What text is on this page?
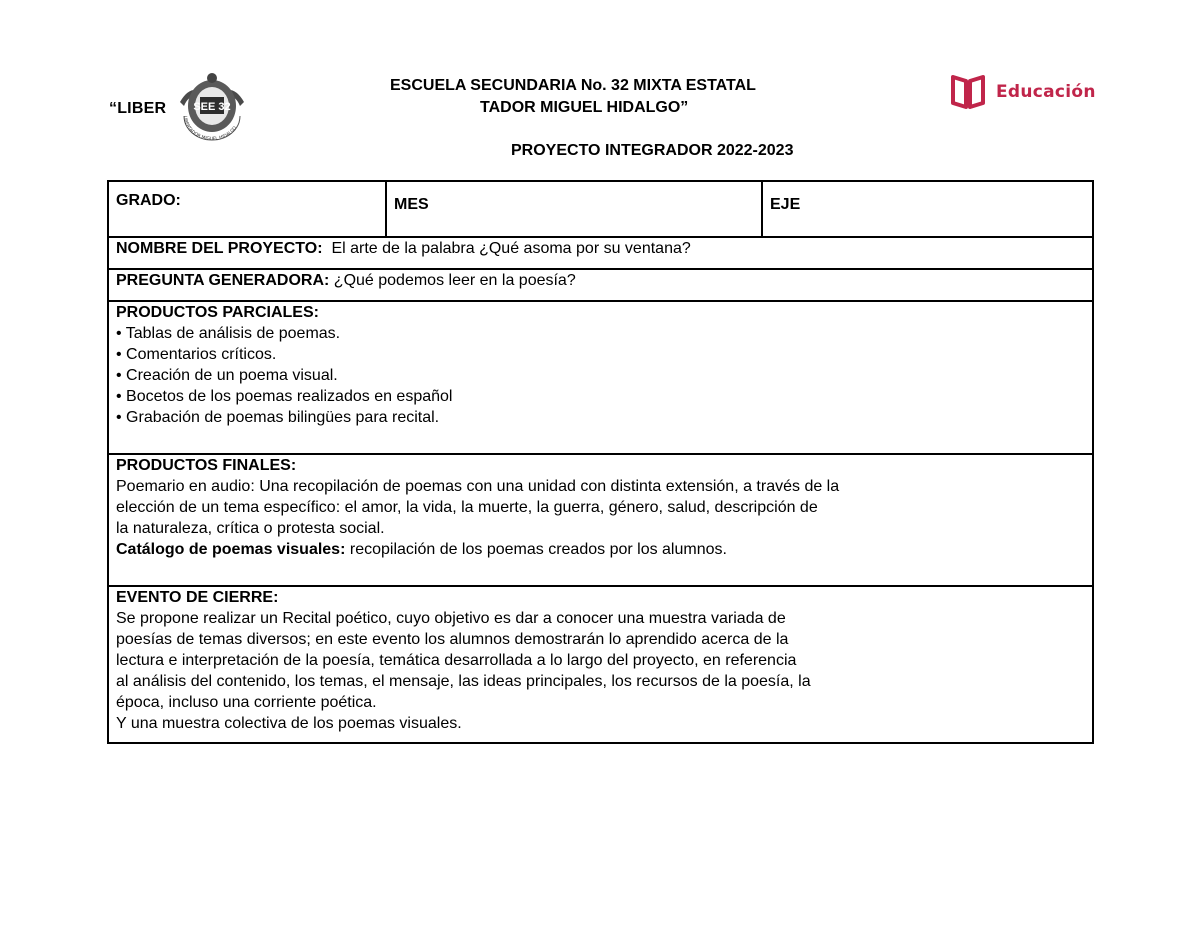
“LIBER SEE 32
LIBERTADOR MIGUEL HIDALGO
ESCUELA SECUNDARIA No. 32 MIXTA ESTATAL
TADOR MIGUEL HIDALGO”
PROYECTO INTEGRADOR 2022-2023
Educación
GRADO:	MES	EJE
NOMBRE DEL PROYECTO: El arte de la palabra ¿Qué asoma por su ventana?
PREGUNTA GENERADORA: ¿Qué podemos leer en la poesía?

PRODUCTOS PARCIALES:
• Tablas de análisis de poemas.
• Comentarios críticos.
• Creación de un poema visual.
• Bocetos de los poemas realizados en español
• Grabación de poemas bilingües para recital.

PRODUCTOS FINALES:
Poemario en audio: Una recopilación de poemas con una unidad con distinta extensión, a través de la
elección de un tema específico: el amor, la vida, la muerte, la guerra, género, salud, descripción de
la naturaleza, crítica o protesta social.
Catálogo de poemas visuales: recopilación de los poemas creados por los alumnos.

EVENTO DE CIERRE:
Se propone realizar un Recital poético, cuyo objetivo es dar a conocer una muestra variada de
poesías de temas diversos; en este evento los alumnos demostrarán lo aprendido acerca de la
lectura e interpretación de la poesía, temática desarrollada a lo largo del proyecto, en referencia
al análisis del contenido, los temas, el mensaje, las ideas principales, los recursos de la poesía, la
época, incluso una corriente poética.
Y una muestra colectiva de los poemas visuales.
